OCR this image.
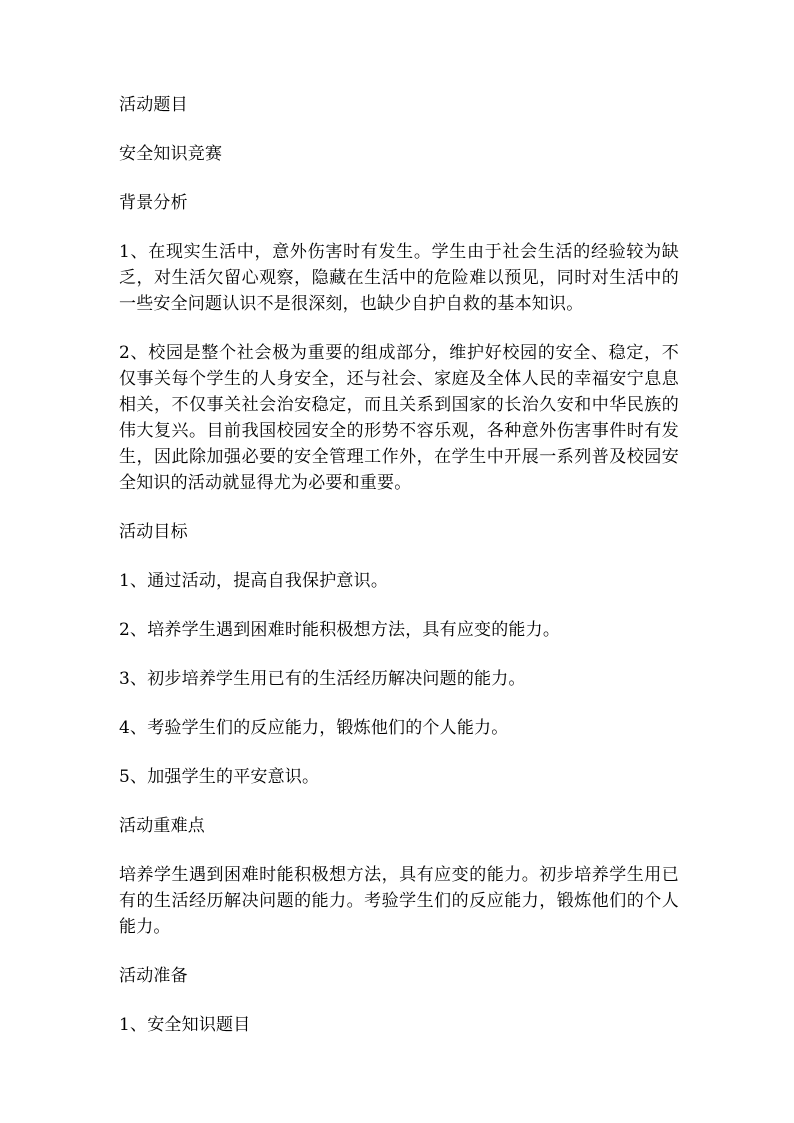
活动题目
安全知识竞赛
背景分析
1、在现实生活中，意外伤害时有发生。学生由于社会生活的经验较为缺乏，对生活欠留心观察，隐藏在生活中的危险难以预见，同时对生活中的一些安全问题认识不是很深刻，也缺少自护自救的基本知识。
2、校园是整个社会极为重要的组成部分，维护好校园的安全、稳定，不仅事关每个学生的人身安全，还与社会、家庭及全体人民的幸福安宁息息相关，不仅事关社会治安稳定，而且关系到国家的长治久安和中华民族的伟大复兴。目前我国校园安全的形势不容乐观，各种意外伤害事件时有发生，因此除加强必要的安全管理工作外，在学生中开展一系列普及校园安全知识的活动就显得尤为必要和重要。
活动目标
1、通过活动，提高自我保护意识。
2、培养学生遇到困难时能积极想方法，具有应变的能力。
3、初步培养学生用已有的生活经历解决问题的能力。
4、考验学生们的反应能力，锻炼他们的个人能力。
5、加强学生的平安意识。
活动重难点
培养学生遇到困难时能积极想方法，具有应变的能力。初步培养学生用已有的生活经历解决问题的能力。考验学生们的反应能力，锻炼他们的个人能力。
活动准备
1、安全知识题目
